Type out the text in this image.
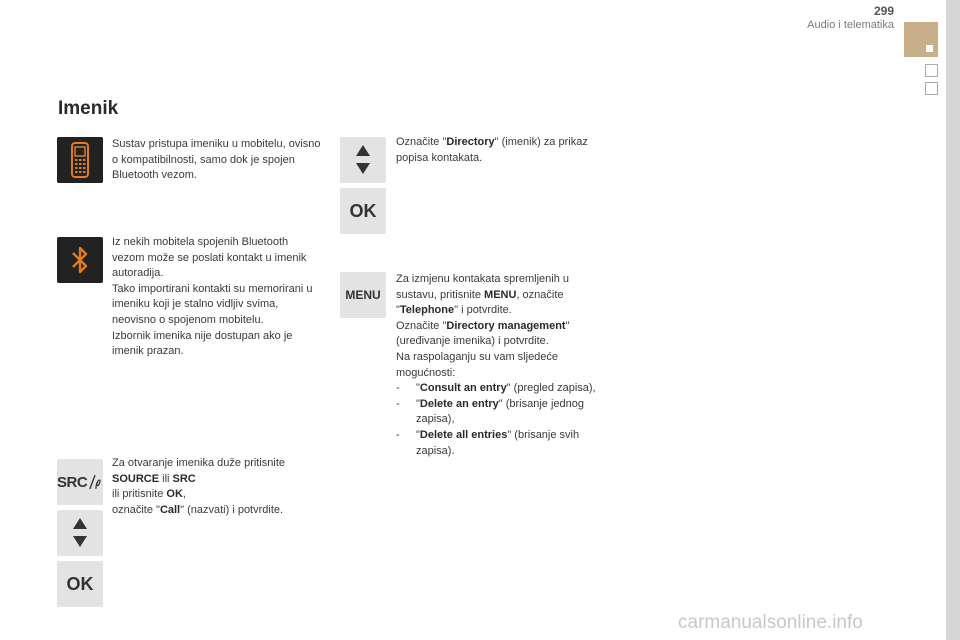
299
Audio i telematika
Imenik
SRC
OK

Sustav pristupa imeniku u mobitelu, ovisno o kompatibilnosti, samo dok je spojen Bluetooth vezom.

Iz nekih mobitela spojenih Bluetooth vezom može se poslati kontakt u imenik autoradija.

Tako importirani kontakti su memorirani u imeniku koji je stalno vidljiv svima, neovisno o spojenom mobitelu.

Izbornik imenika nije dostupan ako je imenik prazan.

Za otvaranje imenika duže pritisnite
SOURCE ili SRC
ili pritisnite OK,
označite "Call" (nazvati) i potvrdite.

OK
MENU

Označite "Directory" (imenik) za prikaz popisa kontakata.

Za izmjenu kontakata spremljenih u sustavu, pritisnite MENU, označite "Telephone" i potvrdite.

Označite "Directory management" (uređivanje imenika) i potvrdite.

Na raspolaganju su vam sljedeće mogućnosti:

-	"Consult an entry" (pregled zapisa),
-	"Delete an entry" (brisanje jednog zapisa),
-	"Delete all entries" (brisanje svih zapisa).
carmanualsonline.info
